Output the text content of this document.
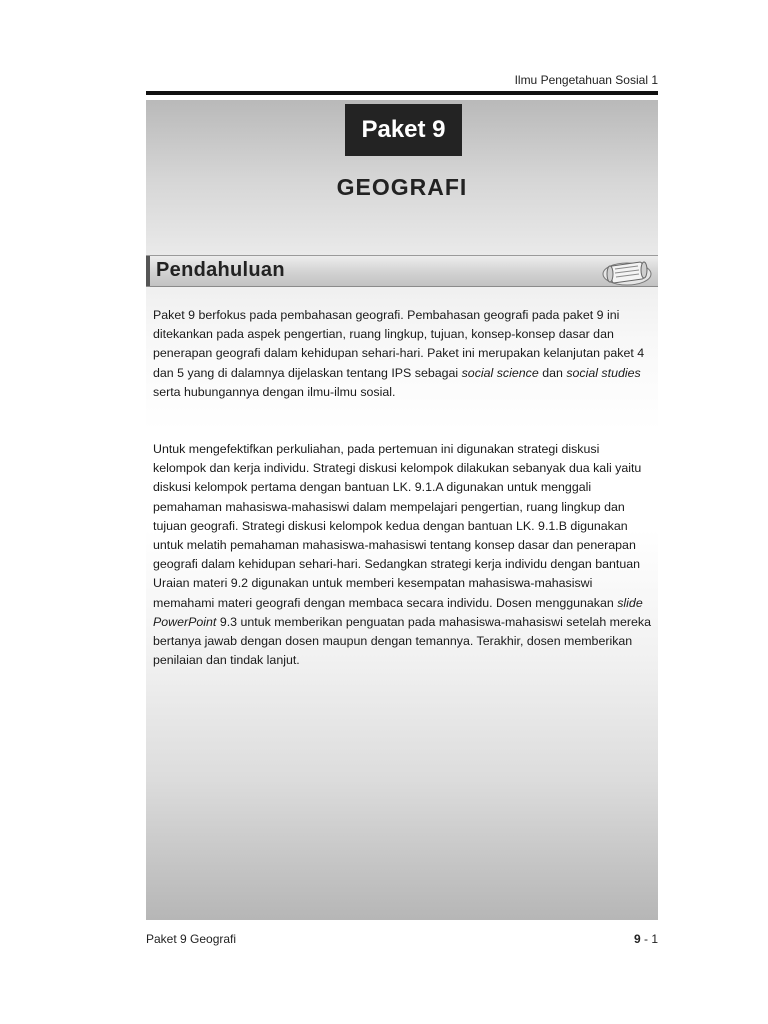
Ilmu Pengetahuan Sosial 1
Paket 9
GEOGRAFI
Pendahuluan

Paket 9 berfokus pada pembahasan geografi. Pembahasan geografi pada paket 9 ini ditekankan pada aspek pengertian, ruang lingkup, tujuan, konsep-konsep dasar dan penerapan geografi dalam kehidupan sehari-hari. Paket ini merupakan kelanjutan paket 4 dan 5 yang di dalamnya dijelaskan tentang IPS sebagai social science dan social studies serta hubungannya dengan ilmu-ilmu sosial.

Untuk mengefektifkan perkuliahan, pada pertemuan ini digunakan strategi diskusi kelompok dan kerja individu. Strategi diskusi kelompok dilakukan sebanyak dua kali yaitu diskusi kelompok pertama dengan bantuan LK. 9.1.A digunakan untuk menggali pemahaman mahasiswa-mahasiswi dalam mempelajari pengertian, ruang lingkup dan tujuan geografi. Strategi diskusi kelompok kedua dengan bantuan LK. 9.1.B digunakan untuk melatih pemahaman mahasiswa-mahasiswi tentang konsep dasar dan penerapan geografi dalam kehidupan sehari-hari. Sedangkan strategi kerja individu dengan bantuan Uraian materi 9.2 digunakan untuk memberi kesempatan mahasiswa-mahasiswi memahami materi geografi dengan membaca secara individu. Dosen menggunakan slide PowerPoint 9.3 untuk memberikan penguatan pada mahasiswa-mahasiswi setelah mereka bertanya jawab dengan dosen maupun dengan temannya. Terakhir, dosen memberikan penilaian dan tindak lanjut.

Paket 9 Geografi	9 - 1
